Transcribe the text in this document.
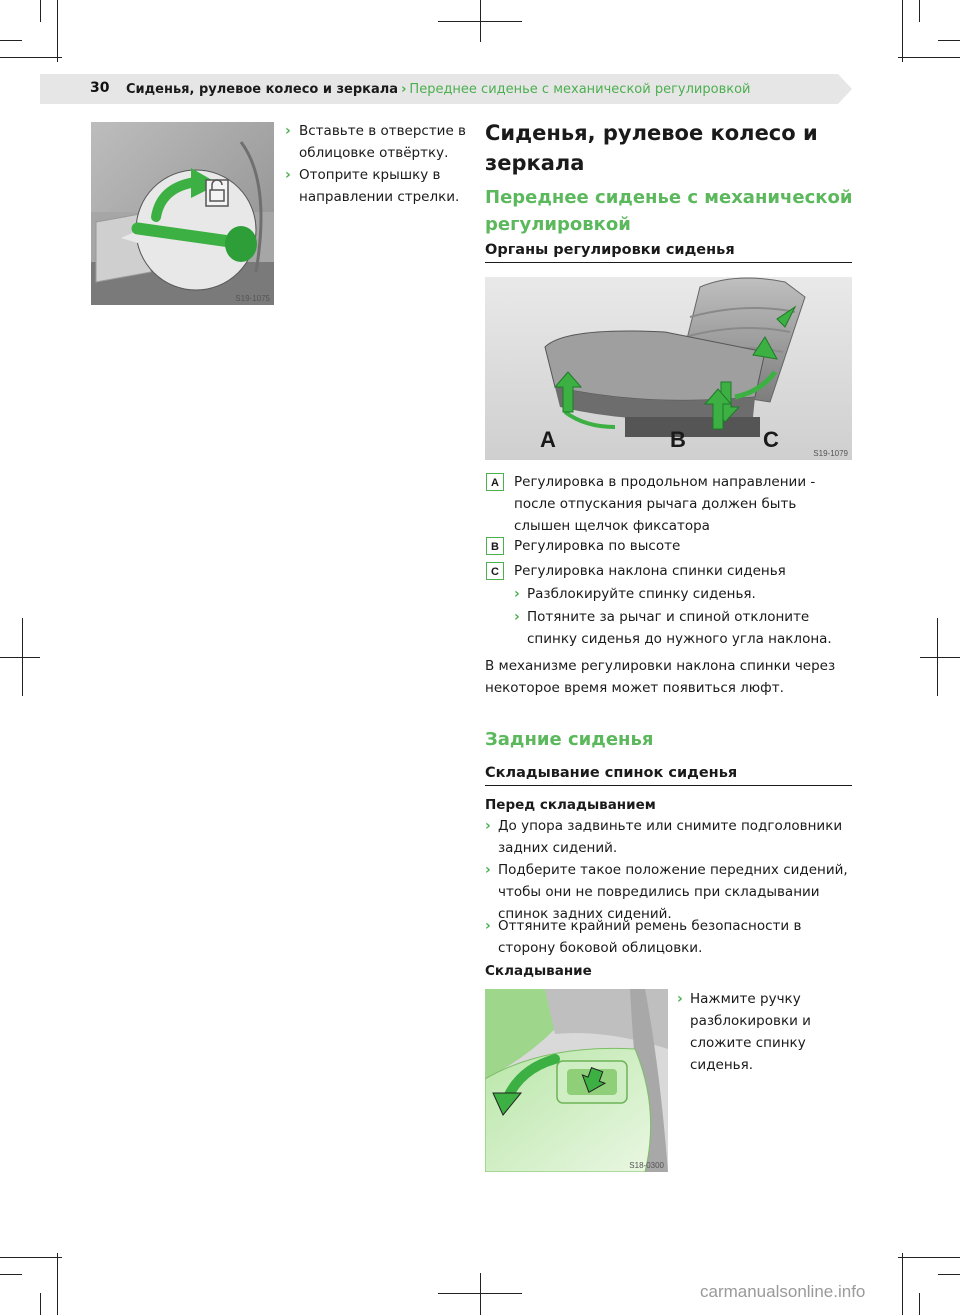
30 Сиденья, рулевое колесо и зеркала › Переднее сиденье с механической регулировкой
S19-1075
› Вставьте в отверстие в облицовке отвёртку.
› Отоприте крышку в направлении стрелки.
Сиденья, рулевое колесо и зеркала
Переднее сиденье с механической регулировкой
Органы регулировки сиденья
A	B	C
S19-1079
A	Регулировка в продольном направлении - после отпускания рычага должен быть слышен щелчок фиксатора
B	Регулировка по высоте
C	Регулировка наклона спинки сиденья
› Разблокируйте спинку сиденья.
› Потяните за рычаг и спиной отклоните спинку сиденья до нужного угла наклона.
В механизме регулировки наклона спинки через некоторое время может появиться люфт.
Задние сиденья
Складывание спинок сиденья
Перед складыванием
› До упора задвиньте или снимите подголовники задних сидений.
› Подберите такое положение передних сидений, чтобы они не повредились при складывании спинок задних сидений.
› Оттяните крайний ремень безопасности в сторону боковой облицовки.
Складывание
S18-0300
› Нажмите ручку разблокировки и сложите спинку сиденья.
carmanualsonline.info
